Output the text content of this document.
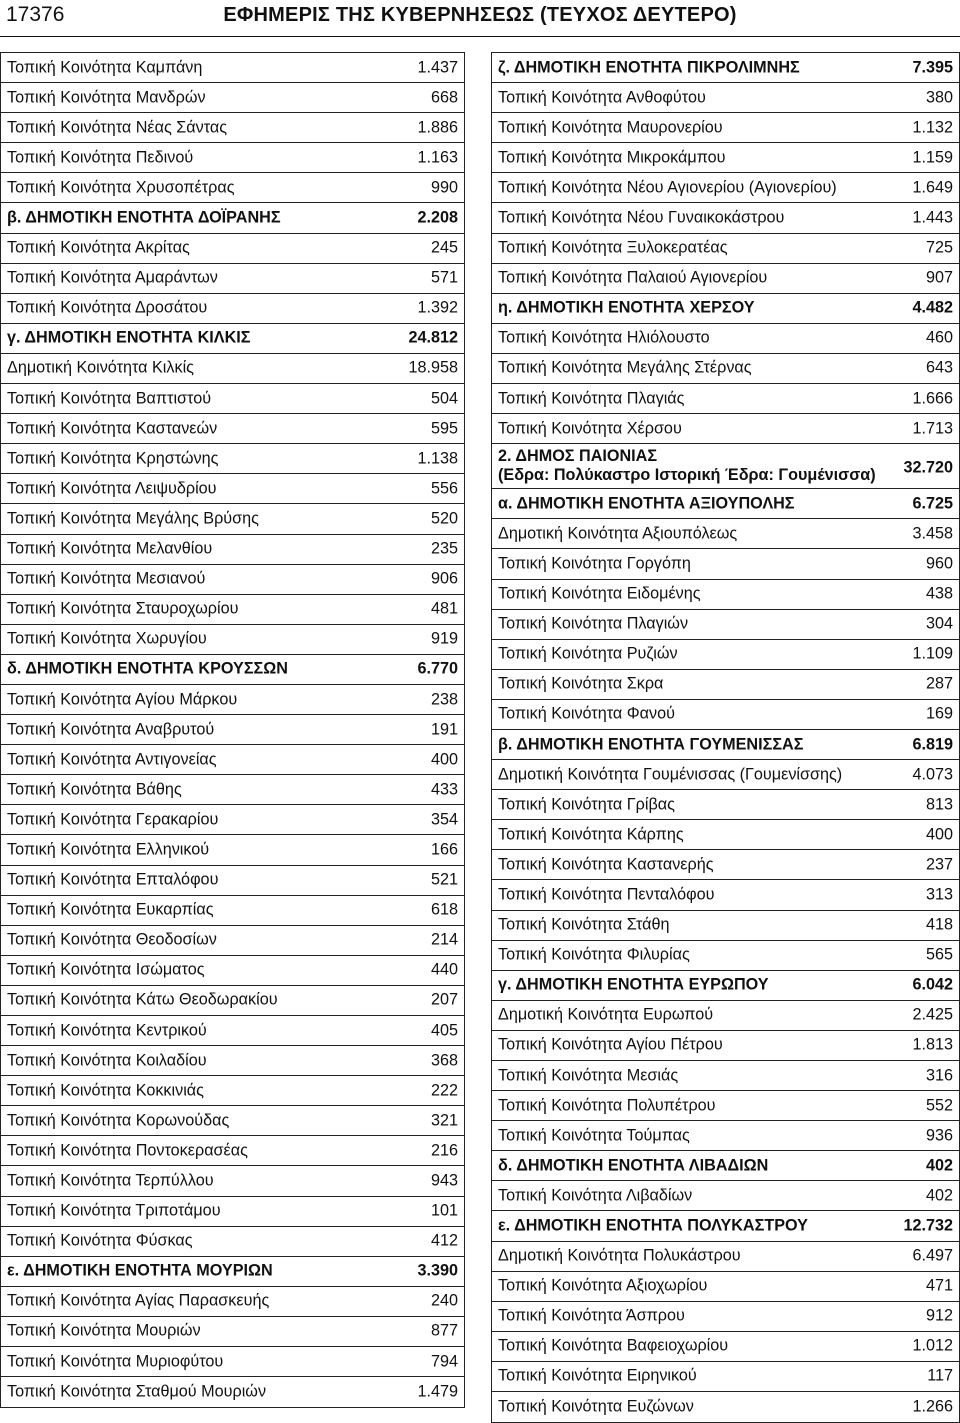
17376	ΕΦΗΜΕΡΙΣ ΤΗΣ ΚΥΒΕΡΝΗΣΕΩΣ (ΤΕΥΧΟΣ ΔΕΥΤΕΡΟ)
Τοπική Κοινότητα Καμπάνη	1.437
Τοπική Κοινότητα Μανδρών	668
Τοπική Κοινότητα Νέας Σάντας	1.886
Τοπική Κοινότητα Πεδινού	1.163
Τοπική Κοινότητα Χρυσοπέτρας	990
β. ΔΗΜΟΤΙΚΗ ΕΝΟΤΗΤΑ ΔΟΪΡΑΝΗΣ	2.208
Τοπική Κοινότητα Ακρίτας	245
Τοπική Κοινότητα Αμαράντων	571
Τοπική Κοινότητα Δροσάτου	1.392
γ. ΔΗΜΟΤΙΚΗ ΕΝΟΤΗΤΑ ΚΙΛΚΙΣ	24.812
Δημοτική Κοινότητα Κιλκίς	18.958
Τοπική Κοινότητα Βαπτιστού	504
Τοπική Κοινότητα Καστανεών	595
Τοπική Κοινότητα Κρηστώνης	1.138
Τοπική Κοινότητα Λειψυδρίου	556
Τοπική Κοινότητα Μεγάλης Βρύσης	520
Τοπική Κοινότητα Μελανθίου	235
Τοπική Κοινότητα Μεσιανού	906
Τοπική Κοινότητα Σταυροχωρίου	481
Τοπική Κοινότητα Χωρυγίου	919
δ. ΔΗΜΟΤΙΚΗ ΕΝΟΤΗΤΑ ΚΡΟΥΣΣΩΝ	6.770
Τοπική Κοινότητα Αγίου Μάρκου	238
Τοπική Κοινότητα Αναβρυτού	191
Τοπική Κοινότητα Αντιγονείας	400
Τοπική Κοινότητα Βάθης	433
Τοπική Κοινότητα Γερακαρίου	354
Τοπική Κοινότητα Ελληνικού	166
Τοπική Κοινότητα Επταλόφου	521
Τοπική Κοινότητα Ευκαρπίας	618
Τοπική Κοινότητα Θεοδοσίων	214
Τοπική Κοινότητα Ισώματος	440
Τοπική Κοινότητα Κάτω Θεοδωρακίου	207
Τοπική Κοινότητα Κεντρικού	405
Τοπική Κοινότητα Κοιλαδίου	368
Τοπική Κοινότητα Κοκκινιάς	222
Τοπική Κοινότητα Κορωνούδας	321
Τοπική Κοινότητα Ποντοκερασέας	216
Τοπική Κοινότητα Τερπύλλου	943
Τοπική Κοινότητα Τριποτάμου	101
Τοπική Κοινότητα Φύσκας	412
ε. ΔΗΜΟΤΙΚΗ ΕΝΟΤΗΤΑ ΜΟΥΡΙΩΝ	3.390
Τοπική Κοινότητα Αγίας Παρασκευής	240
Τοπική Κοινότητα Μουριών	877
Τοπική Κοινότητα Μυριοφύτου	794
Τοπική Κοινότητα Σταθμού Μουριών	1.479
ζ. ΔΗΜΟΤΙΚΗ ΕΝΟΤΗΤΑ ΠΙΚΡΟΛΙΜΝΗΣ	7.395
Τοπική Κοινότητα Ανθοφύτου	380
Τοπική Κοινότητα Μαυρονερίου	1.132
Τοπική Κοινότητα Μικροκάμπου	1.159
Τοπική Κοινότητα Νέου Αγιονερίου (Αγιονερίου)	1.649
Τοπική Κοινότητα Νέου Γυναικοκάστρου	1.443
Τοπική Κοινότητα Ξυλοκερατέας	725
Τοπική Κοινότητα Παλαιού Αγιονερίου	907
η. ΔΗΜΟΤΙΚΗ ΕΝΟΤΗΤΑ ΧΕΡΣΟΥ	4.482
Τοπική Κοινότητα Ηλιόλουστο	460
Τοπική Κοινότητα Μεγάλης Στέρνας	643
Τοπική Κοινότητα Πλαγιάς	1.666
Τοπική Κοινότητα Χέρσου	1.713
2. ΔΗΜΟΣ ΠΑΙΟΝΙΑΣ
(Εδρα: Πολύκαστρο Ιστορική Έδρα: Γουμένισσα) 32.720
α. ΔΗΜΟΤΙΚΗ ΕΝΟΤΗΤΑ ΑΞΙΟΥΠΟΛΗΣ	6.725
Δημοτική Κοινότητα Αξιουπόλεως	3.458
Τοπική Κοινότητα Γοργόπη	960
Τοπική Κοινότητα Ειδομένης	438
Τοπική Κοινότητα Πλαγιών	304
Τοπική Κοινότητα Ρυζιών	1.109
Τοπική Κοινότητα Σκρα	287
Τοπική Κοινότητα Φανού	169
β. ΔΗΜΟΤΙΚΗ ΕΝΟΤΗΤΑ ΓΟΥΜΕΝΙΣΣΑΣ	6.819
Δημοτική Κοινότητα Γουμένισσας (Γουμενίσσης)	4.073
Τοπική Κοινότητα Γρίβας	813
Τοπική Κοινότητα Κάρπης	400
Τοπική Κοινότητα Καστανερής	237
Τοπική Κοινότητα Πενταλόφου	313
Τοπική Κοινότητα Στάθη	418
Τοπική Κοινότητα Φιλυρίας	565
γ. ΔΗΜΟΤΙΚΗ ΕΝΟΤΗΤΑ ΕΥΡΩΠΟΥ	6.042
Δημοτική Κοινότητα Ευρωπού	2.425
Τοπική Κοινότητα Αγίου Πέτρου	1.813
Τοπική Κοινότητα Μεσιάς	316
Τοπική Κοινότητα Πολυπέτρου	552
Τοπική Κοινότητα Τούμπας	936
δ. ΔΗΜΟΤΙΚΗ ΕΝΟΤΗΤΑ ΛΙΒΑΔΙΩΝ	402
Τοπική Κοινότητα Λιβαδίων	402
ε. ΔΗΜΟΤΙΚΗ ΕΝΟΤΗΤΑ ΠΟΛΥΚΑΣΤΡΟΥ	12.732
Δημοτική Κοινότητα Πολυκάστρου	6.497
Τοπική Κοινότητα Αξιοχωρίου	471
Τοπική Κοινότητα Άσπρου	912
Τοπική Κοινότητα Βαφειοχωρίου	1.012
Τοπική Κοινότητα Ειρηνικού	117
Τοπική Κοινότητα Ευζώνων	1.266
